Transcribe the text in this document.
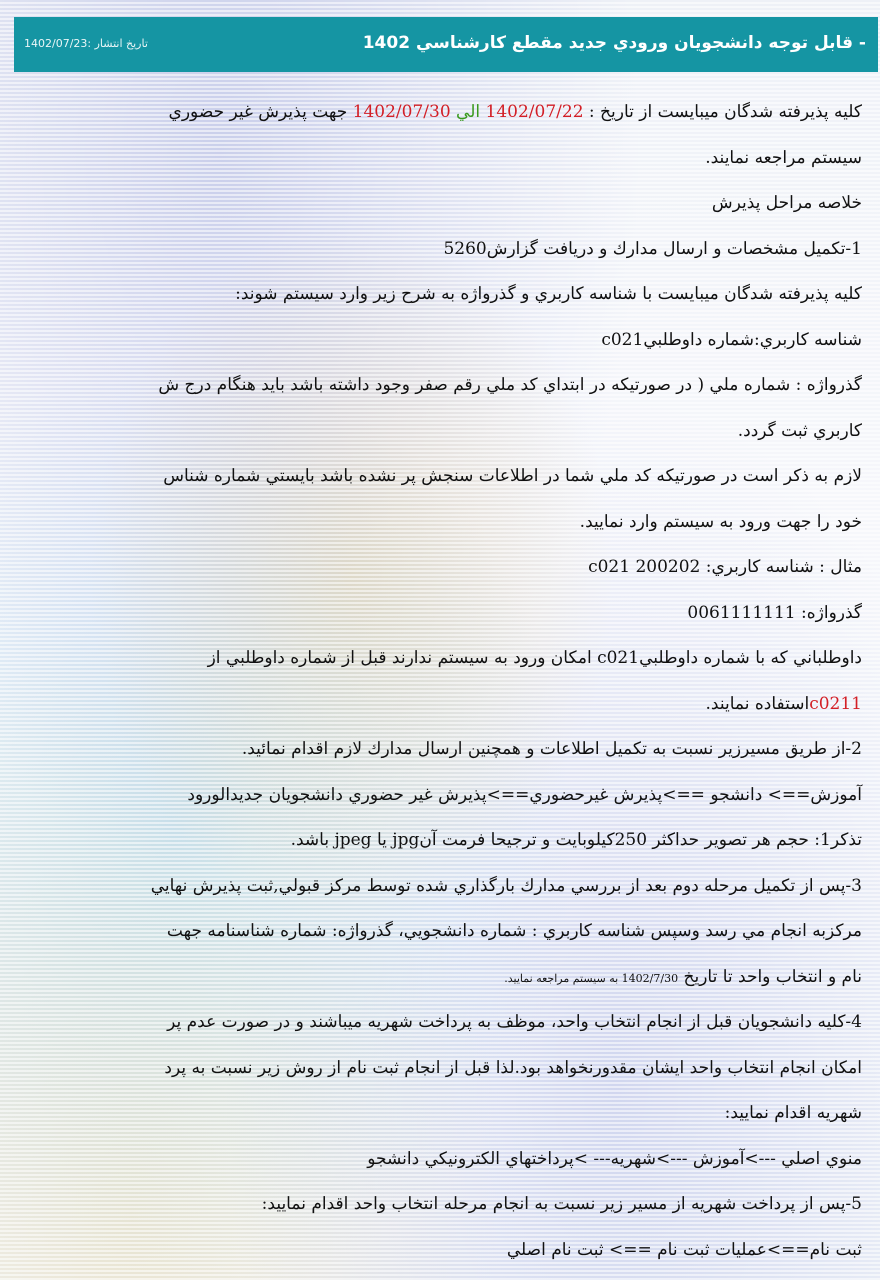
- قابل توجه دانشجويان ورودي جديد مقطع كارشناسي 1402
تاريخ انتشار :1402/07/23
كليه پذيرفته شدگان ميبايست از تاريخ : 1402/07/22 الي 1402/07/30 جهت پذيرش غير حضوري
سيستم مراجعه نمايند.
خلاصه مراحل پذيرش
1-تكميل مشخصات و ارسال مدارك و دريافت گزارش5260
كليه پذيرفته شدگان ميبايست با شناسه كاربري و گذرواژه به شرح زير وارد سيستم شوند:
شناسه كاربري:شماره داوطلبيc021
گذرواژه : شماره ملي ( در صورتيكه در ابتداي كد ملي رقم صفر وجود داشته باشد بايد هنگام درج ش
كاربري ثبت گردد.
لازم به ذكر است در صورتيكه كد ملي شما در اطلاعات سنجش پر نشده باشد بايستي شماره شناس
خود را جهت ورود به سيستم وارد نماييد.
مثال : شناسه كاربري: 200202 c021
گذرواژه: 0061111111
داوطلباني كه با شماره داوطلبيc021 امكان ورود به سيستم ندارند قبل از شماره داوطلبي از
c0211استفاده نمايند.
2-از طريق مسيرزير نسبت به تكميل اطلاعات و همچنين ارسال مدارك لازم اقدام نمائيد.
آموزش==> دانشجو ==>پذيرش غيرحضوري==>پذيرش غير حضوري دانشجويان جديدالورود
تذكر1: حجم هر تصوير حداكثر 250كيلوبايت و ترجيحا فرمت آنjpg يا jpeg باشد.
3-پس از تكميل مرحله دوم بعد از بررسي مدارك بارگذاري شده توسط مركز قبولي,ثبت پذيرش نهايي
مركزبه انجام مي رسد وسپس شناسه كاربري : شماره دانشجويي، گذرواژه: شماره شناسنامه جهت
نام و انتخاب واحد تا تاريخ 1402/7/30 به سيستم مراجعه نماييد.
4-كليه دانشجويان قبل از انجام انتخاب واحد، موظف به پرداخت شهريه ميباشند و در صورت عدم پر
امكان انجام انتخاب واحد ايشان مقدورنخواهد بود.لذا قبل از انجام ثبت نام از روش زير نسبت به پرد
شهريه اقدام نماييد:
منوي اصلي --->آموزش --->شهريه--- >پرداختهاي الكترونيكي دانشجو
5-پس از پرداخت شهريه از مسير زير نسبت به انجام مرحله انتخاب واحد اقدام نماييد:
ثبت نام==>عمليات ثبت نام ==> ثبت نام اصلي
